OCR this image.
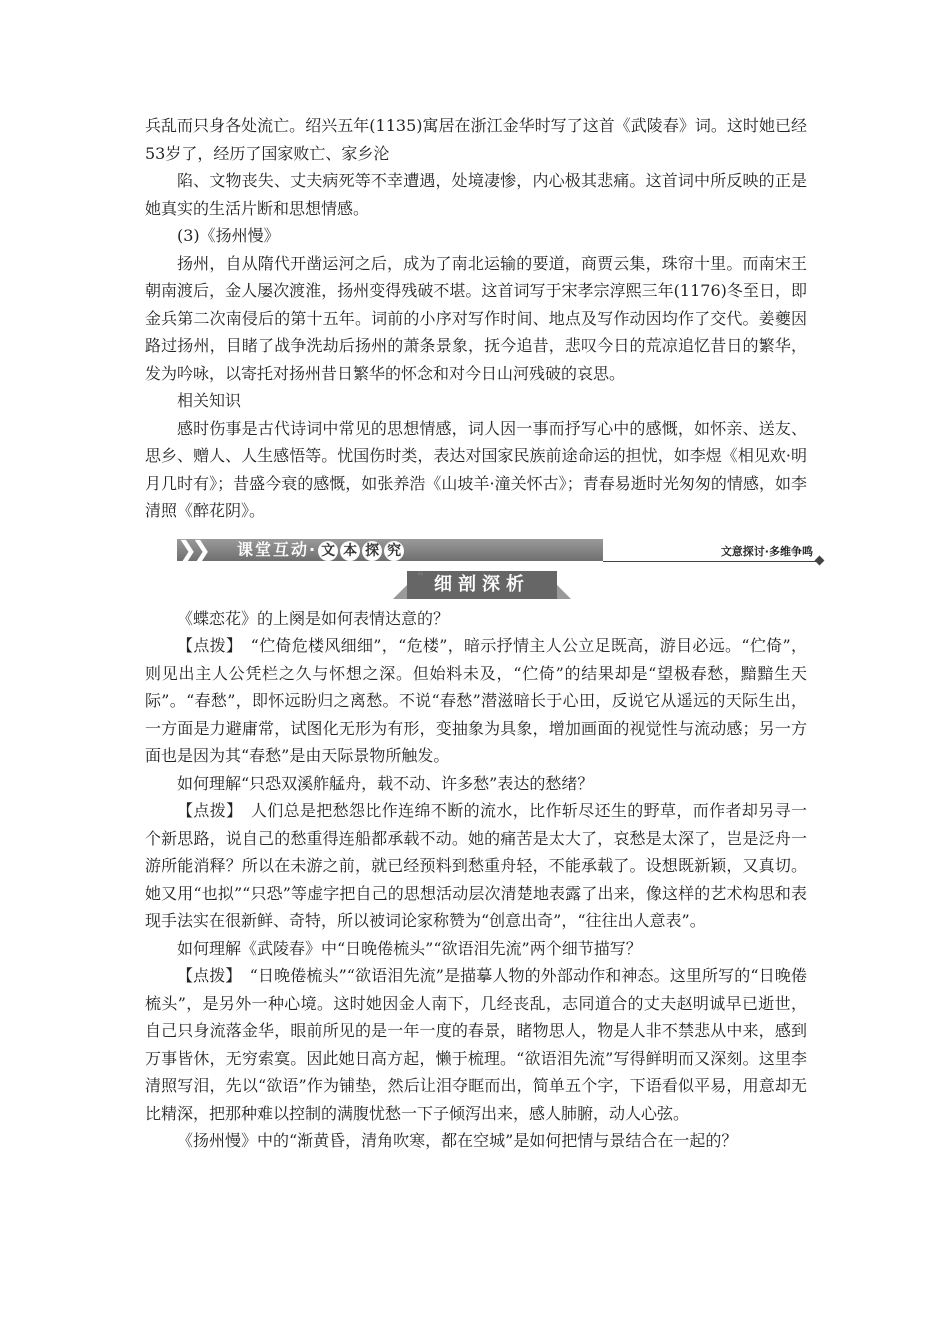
兵乱而只身各处流亡。绍兴五年(1135)寓居在浙江金华时写了这首《武陵春》词。这时她已经53岁了，经历了国家败亡、家乡沦

陷、文物丧失、丈夫病死等不幸遭遇，处境凄惨，内心极其悲痛。这首词中所反映的正是她真实的生活片断和思想情感。

(3)《扬州慢》

扬州，自从隋代开凿运河之后，成为了南北运输的要道，商贾云集，珠帘十里。而南宋王朝南渡后，金人屡次渡淮，扬州变得残破不堪。这首词写于宋孝宗淳熙三年(1176)冬至日，即金兵第二次南侵后的第十五年。词前的小序对写作时间、地点及写作动因均作了交代。姜夔因路过扬州，目睹了战争洗劫后扬州的萧条景象，抚今追昔，悲叹今日的荒凉追忆昔日的繁华，发为吟咏，以寄托对扬州昔日繁华的怀念和对今日山河残破的哀思。

相关知识

感时伤事是古代诗词中常见的思想情感，词人因一事而抒写心中的感慨，如怀亲、送友、思乡、赠人、人生感悟等。忧国伤时类，表达对国家民族前途命运的担忧，如李煜《相见欢·明月几时有》；昔盛今衰的感慨，如张养浩《山坡羊·潼关怀古》；青春易逝时光匆匆的情感，如李清照《醉花阴》。

❯❯ 课堂互动· 文 本 探 究	文意探讨·多维争鸣
细剖深析
❝

《蝶恋花》的上阕是如何表情达意的？

【点拨】　“伫倚危楼风细细”，“危楼”，暗示抒情主人公立足既高，游目必远。“伫倚”，则见出主人公凭栏之久与怀想之深。但始料未及，“伫倚”的结果却是“望极春愁，黯黯生天际”。“春愁”，即怀远盼归之离愁。不说“春愁”潜滋暗长于心田，反说它从遥远的天际生出，一方面是力避庸常，试图化无形为有形，变抽象为具象，增加画面的视觉性与流动感；另一方面也是因为其“春愁”是由天际景物所触发。

如何理解“只恐双溪舴艋舟，载不动、许多愁”表达的愁绪？

【点拨】　人们总是把愁怨比作连绵不断的流水，比作斩尽还生的野草，而作者却另寻一个新思路，说自己的愁重得连船都承载不动。她的痛苦是太大了，哀愁是太深了，岂是泛舟一游所能消释？所以在未游之前，就已经预料到愁重舟轻，不能承载了。设想既新颖，又真切。她又用“也拟”“只恐”等虚字把自己的思想活动层次清楚地表露了出来，像这样的艺术构思和表现手法实在很新鲜、奇特，所以被词论家称赞为“创意出奇”，“往往出人意表”。

如何理解《武陵春》中“日晚倦梳头”“欲语泪先流”两个细节描写？

【点拨】　“日晚倦梳头”“欲语泪先流”是描摹人物的外部动作和神态。这里所写的“日晚倦梳头”，是另外一种心境。这时她因金人南下，几经丧乱，志同道合的丈夫赵明诚早已逝世，自己只身流落金华，眼前所见的是一年一度的春景，睹物思人，物是人非不禁悲从中来，感到万事皆休，无穷索寞。因此她日高方起，懒于梳理。“欲语泪先流”写得鲜明而又深刻。这里李清照写泪，先以“欲语”作为铺垫，然后让泪夺眶而出，简单五个字，下语看似平易，用意却无比精深，把那种难以控制的满腹忧愁一下子倾泻出来，感人肺腑，动人心弦。

《扬州慢》中的“渐黄昏，清角吹寒，都在空城”是如何把情与景结合在一起的？
